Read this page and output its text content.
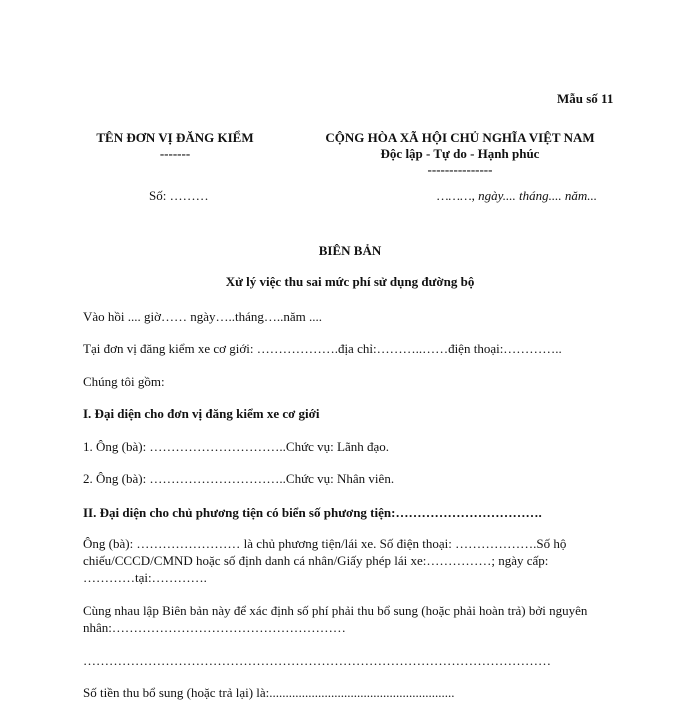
Mẫu số 11
TÊN ĐƠN VỊ ĐĂNG KIỂM
-------
CỘNG HÒA XÃ HỘI CHỦ NGHĨA VIỆT NAM
Độc lập - Tự do - Hạnh phúc
---------------
Số: ………	………, ngày.... tháng.... năm...
BIÊN BẢN
Xử lý việc thu sai mức phí sử dụng đường bộ
Vào hồi .... giờ…… ngày…..tháng…..năm ....
Tại đơn vị đăng kiểm xe cơ giới: ……………….địa chỉ:………..……điện thoại:…………..
Chúng tôi gồm:
I. Đại diện cho đơn vị đăng kiểm xe cơ giới
1. Ông (bà): …………………………..Chức vụ: Lãnh đạo.
2. Ông (bà): …………………………..Chức vụ: Nhân viên.
II. Đại diện cho chủ phương tiện có biển số phương tiện:…………………………….
Ông (bà): …………………… là chủ phương tiện/lái xe. Số điện thoại: ……………….Số hộ
chiếu/CCCD/CMND hoặc số định danh cá nhân/Giấy phép lái xe:……………; ngày cấp:
…………tại:………….
Cùng nhau lập Biên bản này để xác định số phí phải thu bổ sung (hoặc phải hoàn trả) bởi nguyên
nhân:………………………………………………
………………………………………………………………………………………………
Số tiền thu bổ sung (hoặc trả lại) là:.........................................................
